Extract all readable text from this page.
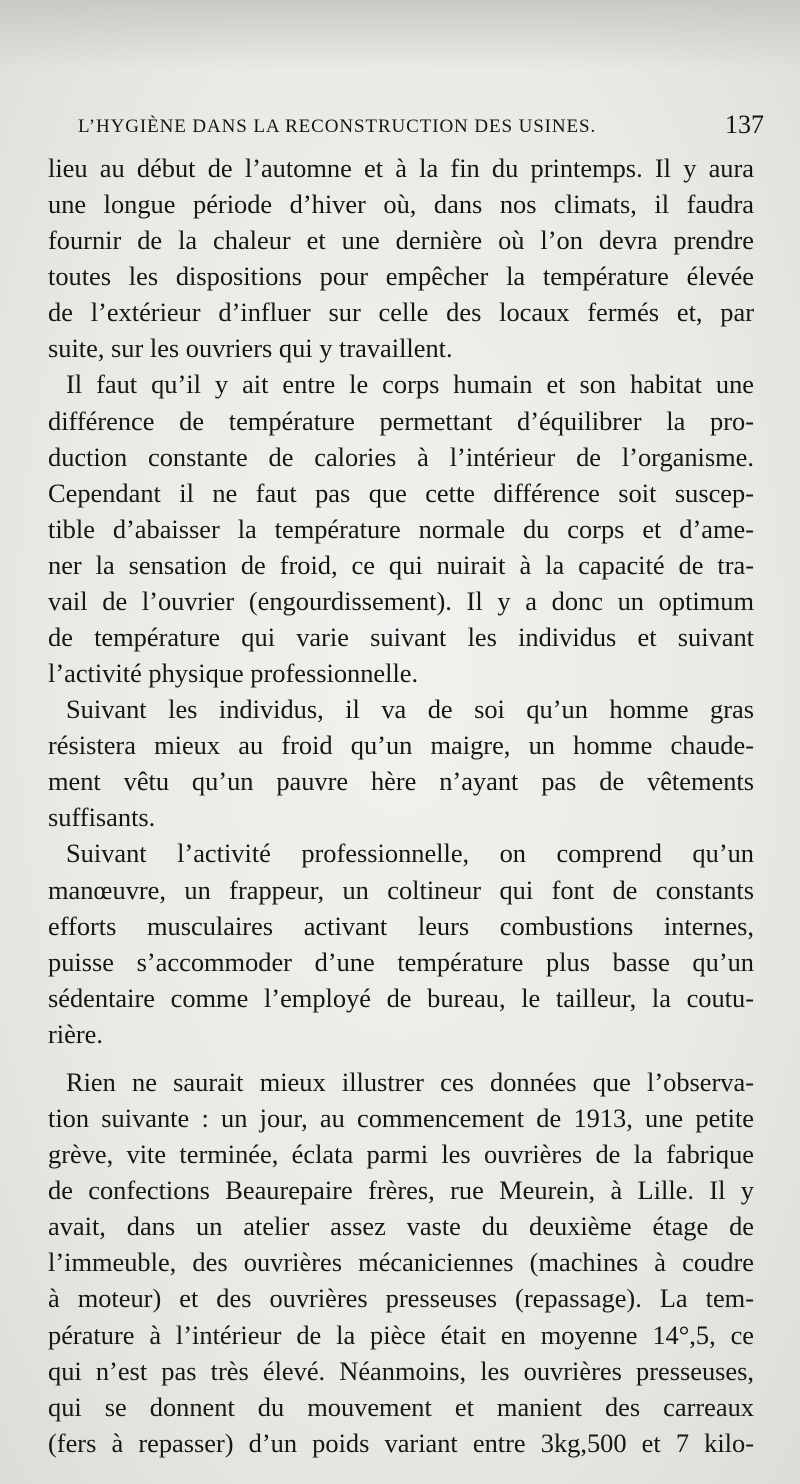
L’HYGIÈNE DANS LA RECONSTRUCTION DES USINES.	137
lieu au début de l’automne et à la fin du printemps. Il y aura
une longue période d’hiver où, dans nos climats, il faudra
fournir de la chaleur et une dernière où l’on devra prendre
toutes les dispositions pour empêcher la température élevée
de l’extérieur d’influer sur celle des locaux fermés et, par
suite, sur les ouvriers qui y travaillent.
Il faut qu’il y ait entre le corps humain et son habitat une
différence de température permettant d’équilibrer la pro-
duction constante de calories à l’intérieur de l’organisme.
Cependant il ne faut pas que cette différence soit suscep-
tible d’abaisser la température normale du corps et d’ame-
ner la sensation de froid, ce qui nuirait à la capacité de tra-
vail de l’ouvrier (engourdissement). Il y a donc un optimum
de température qui varie suivant les individus et suivant
l’activité physique professionnelle.
Suivant les individus, il va de soi qu’un homme gras
résistera mieux au froid qu’un maigre, un homme chaude-
ment vêtu qu’un pauvre hère n’ayant pas de vêtements
suffisants.
Suivant l’activité professionnelle, on comprend qu’un
manœuvre, un frappeur, un coltineur qui font de constants
efforts musculaires activant leurs combustions internes,
puisse s’accommoder d’une température plus basse qu’un
sédentaire comme l’employé de bureau, le tailleur, la coutu-
rière.
Rien ne saurait mieux illustrer ces données que l’observa-
tion suivante : un jour, au commencement de 1913, une petite
grève, vite terminée, éclata parmi les ouvrières de la fabrique
de confections Beaurepaire frères, rue Meurein, à Lille. Il y
avait, dans un atelier assez vaste du deuxième étage de
l’immeuble, des ouvrières mécaniciennes (machines à coudre
à moteur) et des ouvrières presseuses (repassage). La tem-
pérature à l’intérieur de la pièce était en moyenne 14°,5, ce
qui n’est pas très élevé. Néanmoins, les ouvrières presseuses,
qui se donnent du mouvement et manient des carreaux
(fers à repasser) d’un poids variant entre 3kg,500 et 7 kilo-
